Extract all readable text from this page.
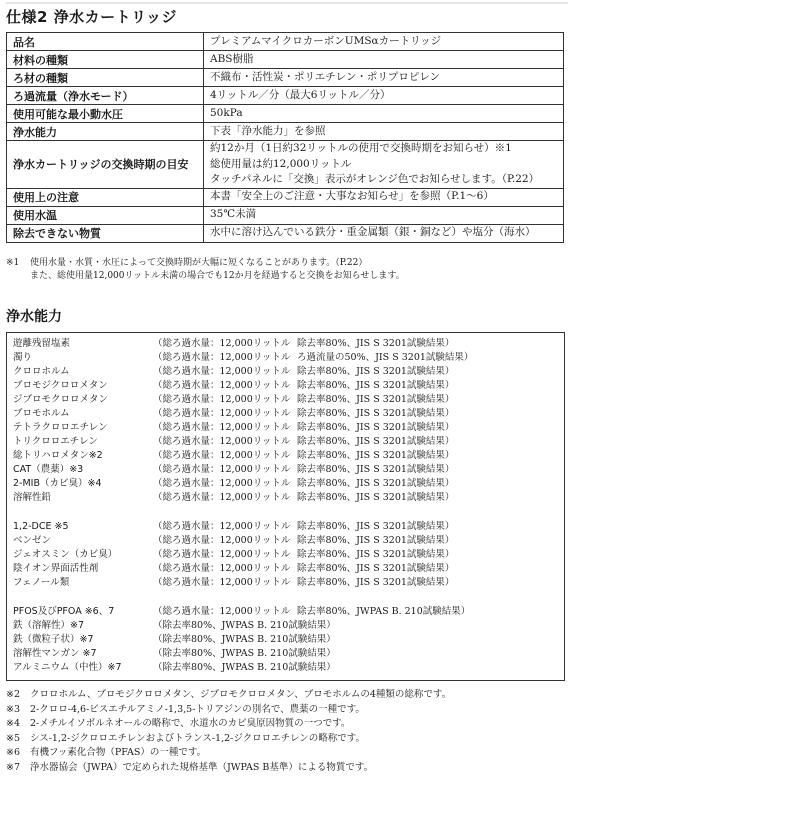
仕様2 浄水カートリッジ
品名	プレミアムマイクロカーボンUMSαカートリッジ

材料の種類	ABS樹脂

ろ材の種類	不織布・活性炭・ポリエチレン・ポリプロピレン

ろ過流量（浄水モード）	4リットル／分（最大6リットル／分）

使用可能な最小動水圧	50kPa

浄水能力	下表「浄水能力」を参照

浄水カートリッジの交換時期の目安	約12か月（1日約32リットルの使用で交換時期をお知らせ）※1
総使用量は約12,000リットル
タッチパネルに「交換」表示がオレンジ色でお知らせします。（P.22）

使用上の注意	本書「安全上のご注意・大事なお知らせ」を参照（P.1～6）

使用水温	35℃未満

除去できない物質	水中に溶け込んでいる鉄分・重金属類（銀・銅など）や塩分（海水）
※1 使用水量・水質・水圧によって交換時期が大幅に短くなることがあります。（P.22）
また、総使用量12,000リットル未満の場合でも12か月を経過すると交換をお知らせします。
浄水能力
遊離残留塩素	（総ろ過水量：12,000リットル 除去率80%、JIS S 3201試験結果）
濁り	（総ろ過水量：12,000リットル ろ過流量の50%、JIS S 3201試験結果）
クロロホルム	（総ろ過水量：12,000リットル 除去率80%、JIS S 3201試験結果）
ブロモジクロロメタン	（総ろ過水量：12,000リットル 除去率80%、JIS S 3201試験結果）
ジブロモクロロメタン	（総ろ過水量：12,000リットル 除去率80%、JIS S 3201試験結果）
ブロモホルム	（総ろ過水量：12,000リットル 除去率80%、JIS S 3201試験結果）
テトラクロロエチレン	（総ろ過水量：12,000リットル 除去率80%、JIS S 3201試験結果）
トリクロロエチレン	（総ろ過水量：12,000リットル 除去率80%、JIS S 3201試験結果）
総トリハロメタン※2	（総ろ過水量：12,000リットル 除去率80%、JIS S 3201試験結果）
CAT（農薬）※3	（総ろ過水量：12,000リットル 除去率80%、JIS S 3201試験結果）
2-MIB（カビ臭）※4	（総ろ過水量：12,000リットル 除去率80%、JIS S 3201試験結果）
溶解性鉛	（総ろ過水量：12,000リットル 除去率80%、JIS S 3201試験結果）
1,2-DCE ※5	（総ろ過水量：12,000リットル 除去率80%、JIS S 3201試験結果）
ベンゼン	（総ろ過水量：12,000リットル 除去率80%、JIS S 3201試験結果）
ジェオスミン（カビ臭）	（総ろ過水量：12,000リットル 除去率80%、JIS S 3201試験結果）
陰イオン界面活性剤	（総ろ過水量：12,000リットル 除去率80%、JIS S 3201試験結果）
フェノール類	（総ろ過水量：12,000リットル 除去率80%、JIS S 3201試験結果）
PFOS及びPFOA ※6、7	（総ろ過水量：12,000リットル 除去率80%、JWPAS B. 210試験結果）
鉄（溶解性）※7	（除去率80%、JWPAS B. 210試験結果）
鉄（微粒子状）※7	（除去率80%、JWPAS B. 210試験結果）
溶解性マンガン ※7	（除去率80%、JWPAS B. 210試験結果）
アルミニウム（中性）※7	（除去率80%、JWPAS B. 210試験結果）
※2 クロロホルム、ブロモジクロロメタン、ジブロモクロロメタン、ブロモホルムの4種類の総称です。
※3 2-クロロ-4,6-ビスエチルアミノ-1,3,5-トリアジンの別名で、農薬の一種です。
※4 2-メチルイソボルネオールの略称で、水道水のカビ臭原因物質の一つです。
※5 シス-1,2-ジクロロエチレンおよびトランス-1,2-ジクロロエチレンの略称です。
※6 有機フッ素化合物（PFAS）の一種です。
※7 浄水器協会（JWPA）で定められた規格基準（JWPAS B基準）による物質です。
